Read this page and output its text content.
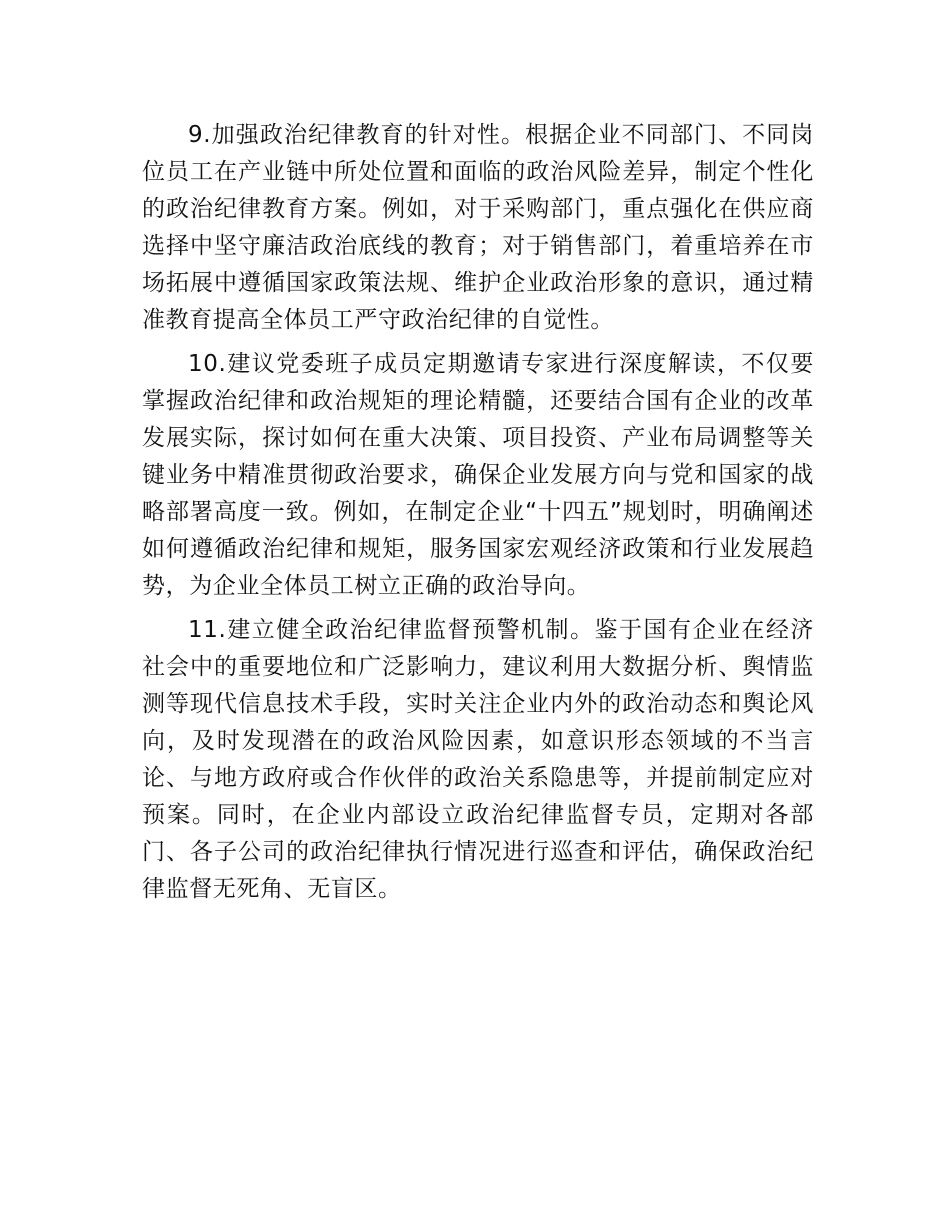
9.加强政治纪律教育的针对性。根据企业不同部门、不同岗位员工在产业链中所处位置和面临的政治风险差异，制定个性化的政治纪律教育方案。例如，对于采购部门，重点强化在供应商选择中坚守廉洁政治底线的教育；对于销售部门，着重培养在市场拓展中遵循国家政策法规、维护企业政治形象的意识，通过精准教育提高全体员工严守政治纪律的自觉性。

10.建议党委班子成员定期邀请专家进行深度解读，不仅要掌握政治纪律和政治规矩的理论精髓，还要结合国有企业的改革发展实际，探讨如何在重大决策、项目投资、产业布局调整等关键业务中精准贯彻政治要求，确保企业发展方向与党和国家的战略部署高度一致。例如，在制定企业“十四五”规划时，明确阐述如何遵循政治纪律和规矩，服务国家宏观经济政策和行业发展趋势，为企业全体员工树立正确的政治导向。

11.建立健全政治纪律监督预警机制。鉴于国有企业在经济社会中的重要地位和广泛影响力，建议利用大数据分析、舆情监测等现代信息技术手段，实时关注企业内外的政治动态和舆论风向，及时发现潜在的政治风险因素，如意识形态领域的不当言论、与地方政府或合作伙伴的政治关系隐患等，并提前制定应对预案。同时，在企业内部设立政治纪律监督专员，定期对各部门、各子公司的政治纪律执行情况进行巡查和评估，确保政治纪律监督无死角、无盲区。
